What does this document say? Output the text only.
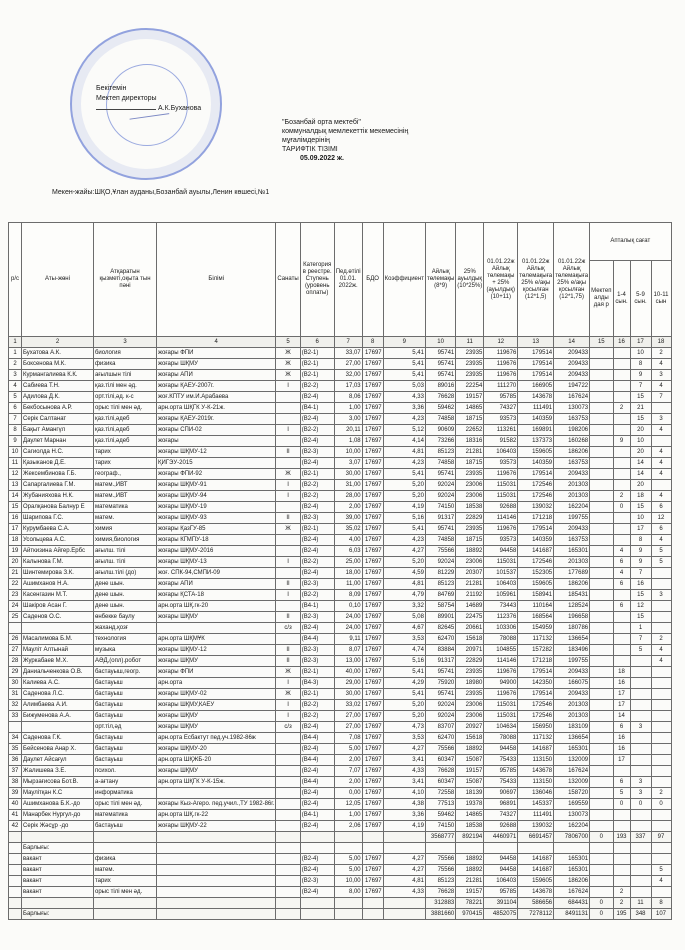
Бекітемін
Мектеп директоры
А.К.Буханова
"Бозанбай орта мектебі"
коммуналдық мемлекеттік мекемесінің
мұғалімдерінің
ТАРИФТІК ТІЗІМІ
05.09.2022 ж.
Мекен-жайы:ШҚО,Ұлан ауданы,Бозанбай ауылы,Ленин көшесі,№1
р/с	Аты-жөні	Атқаратын қызметі,оқыта тын пәні	Білімі	Санаты	Категория в реестре. Ступень (уровень оплаты)	Пед.өтілі 01.01. 2022ж.	БДО	Коэффициент	Айлық төлемақы (8*9)	25% ауылдық (10*25%)	01.01.22ж Айлық төлемақы + 25%(ауылдық) (10+11)	01.01.22ж Айлық төлемақыға 25% е/ақы қосылған (12*1,5)	01.01.22ж Айлық төлемақыға 25% е/ақы қосылған (12*1,75)	Апталық сағат			
														Мектеп алды дая р	1-4 сын.	5-9 сын.	10-11 сын
1	2	3	4	5	6	7	8	9	10	11	12	13	14	15	16	17	18
1	Бухатова А.К.	биология	жоғары ФПИ	Ж	(В2-1)	33,07	17697	5,41	95741	23935	119676	179514	209433			10	2
2	Боксенова М.К.	физика	жоғары ШҚМУ	Ж	(В2-1)	27,00	17697	5,41	95741	23935	119676	179514	209433			8	4
3	Курмангалиева К.К.	ағылшын тілі	жоғары АПИ	Ж	(В2-1)	32,00	17697	5,41	95741	23935	119676	179514	209433			9	3
4	Сабиева Т.Н.	қаз.тілі мен әд.	жоғары ҚАЕУ-2007г.	І	(В2-2)	17,03	17697	5,03	89016	22254	111270	166905	194722			7	4
5	Адилова Д.К.	орт.тілі,әд. к-с	жоғ.КПТУ им.И.Арабаева		(В2-4)	8,06	17697	4,33	76628	19157	95785	143678	167624			15	7
6	Бекбосынова А.Р.	орыс тілі мен әд.	арн.орта ШҚГК У-К-21ж.		(В4-1)	1,00	17697	3,36	59462	14865	74327	111491	130073		2	21	
7	Серік Салтанат	қаз.тілі,әдеб	жоғары ҚАЕУ-2019г.		(В2-4)	3,00	17697	4,23	74858	18715	93573	140359	163753			15	3
8	Бақыт Амангүл	қаз.тілі,әдеб	жоғары СПИ-02	І	(В2-2)	20,11	17697	5,12	90609	22652	113261	169891	198206			20	4
9	Даулет Марнан	қаз.тілі,әдеб	жоғары		(В2-4)	1,08	17697	4,14	73266	18316	91582	137373	160268		9	10	
10	Сагиолда Н.С.	тарих	жоғары ШҚМУ-12	ІІ	(В2-3)	10,00	17697	4,81	85123	21281	106403	159605	186206			20	4
11	Қазыканов Д.Е.	тарих	ҚИГЭУ-2015		(В2-4)	3,07	17697	4,23	74858	18715	93573	140359	163753			14	4
12	Жексембинова Г.Б.	географ.,	жоғары ФПИ-92	Ж	(В2-1)	30,00	17697	5,41	95741	23935	119676	179514	209433			14	4
13	Сапаргалиева Г.М.	матем.,ИВТ	жоғары ШҚМУ-91	І	(В2-2)	31,00	17697	5,20	92024	23006	115031	172546	201303			20	
14	Жубанияхова Н.К.	матем.,ИВТ	жоғары ШҚМУ-94	І	(В2-2)	28,00	17697	5,20	92024	23006	115031	172546	201303		2	18	4
15	Оралқанова Балнур Е	математика	жоғары ШҚМУ-19		(В2-4)	2,00	17697	4,19	74150	18538	92688	139032	162204		0	15	6
16	Шарипова Г.С.	матем.	жоғары ШҚМУ-93	ІІ	(В2-3)	39,00	17697	5,16	91317	22829	114146	171218	199755			10	12
17	Курумбаева С.А.	химия	жоғары ҚазГУ-85	Ж	(В2-1)	35,02	17697	5,41	95741	23935	119676	179514	209433			17	6
18	Усольцева А.С.	химия,биология	жоғары КГМПУ-18		(В2-4)	4,00	17697	4,23	74858	18715	93573	140359	163753			8	4
19	Айткизина Айгер.Ербс	ағылш. тілі	жоғары ШҚМУ-2016		(В2-4)	6,03	17697	4,27	75566	18892	94458	141687	165301		4	9	5
20	Калынова Г.М.	ағылш. тілі	жоғары ШҚМУ-13	І	(В2-2)	25,00	17697	5,20	92024	23006	115031	172546	201303		6	9	5
21	Шинтемирова З.К.	ағылш.тілі (до)	жоғ. СПК-94,СМПИ-09		(В2-4)	18,00	17697	4,59	81229	20307	101537	152305	177689		4	7	
22	Ашимханов Н.А.	дене шын.	жоғары АПИ	ІІ	(В2-3)	11,00	17697	4,81	85123	21281	106403	159605	186206		6	16	
23	Касенгазин М.Т.	дене шын.	жоғары ҚСТА-18	І	(В2-2)	8,09	17697	4,79	84769	21192	105961	158941	185431			15	3
24	Шакіров Асан Г.	дене шын.	арн.орта ШҚ.гк-20		(В4-1)	0,10	17697	3,32	58754	14689	73443	110164	128524		6	12	
25	Саденов О.С.	өнбекке баулу	жоғары ШҚМУ	ІІ	(В2-3)	24,00	17697	5,08	89901	22475	112376	168564	196658			15	
		жаханд.қозғ		с/з	(В2-4)	24,00	17697	4,67	82645	20661	103306	154959	180786			1	
26	Масалимова Б.М.	технология	арн.орта ШҚМҰК		(В4-4)	9,11	17697	3,53	62470	15618	78088	117132	136654			7	2
27	Маулiт Алтынай	музыка	жоғары ШҚМУ-12	ІІ	(В2-3)	8,07	17697	4,74	83884	20971	104855	157282	183496			5	4
28	Журкабаев М.Х.	АӘД,(опл).робот	жоғары ШҚМУ	ІІ	(В2-3)	13,00	17697	5,16	91317	22829	114146	171218	199755				4
29	Даниальченкова О.В.	бастауыш,геогр.	жоғары ФПИ	Ж	(В2-1)	40,00	17697	5,41	95741	23935	119676	179514	209433		18		
30	Калиева А.С.	бастауыш	арн.орта	І	(В4-3)	29,00	17697	4,29	75920	18980	94900	142350	166075		16		
31	Саденова Л.С.	бастауыш	жоғары ШҚМУ-02	Ж	(В2-1)	30,00	17697	5,41	95741	23935	119676	179514	209433		17		
32	Алимбаева А.И.	бастауыш	жоғары ШҚМУ,КАЕУ	І	(В2-2)	33,02	17697	5,20	92024	23006	115031	172546	201303		17		
33	Бижуменова А.А.	бастауыш	жоғары ШҚМУ	І	(В2-2)	27,00	17697	5,20	92024	23006	115031	172546	201303		14		
		орт.тіл,әд	жоғары ШҚМУ	с/з	(В2-4)	27,00	17697	4,73	83707	20927	104634	156950	183109		6	3	
34	Саденова Г.К.	бастауыш	арн.орта Есбактут пед.уч.1982-86ж		(В4-4)	7,08	17697	3,53	62470	15618	78088	117132	136654		16		
35	Бейсенова Анар Х.	бастауыш	жоғары ШҚМУ-20		(В2-4)	5,00	17697	4,27	75566	18892	94458	141687	165301		16		
36	Даулет Айсағул	бастауыш	арн.орта ШҚЖБ-20		(В4-4)	2,00	17697	3,41	60347	15087	75433	113150	132009		17		
37	Жалишева З.Е.	психол.	жоғары ШҚМУ		(В2-4)	7,07	17697	4,33	76628	19157	95785	143678	167624				
38	Мырзағисова Бот.В.	а-ағтану	арн.орта ШҚГК У-К-15ж.		(В4-4)	2,00	17697	3,41	60347	15087	75433	113150	132009		6	3	
39	Маулітқан К.С	информатика			(В2-4)	0,00	17697	4,10	72558	18139	90697	136046	158720		5	3	2
40	Ашимханова Б.К.-до	орыс тілі мен әд.	жоғары Кыз-Агеро. пед.учил.,ТУ 1982-86г.		(В2-4)	12,05	17697	4,38	77513	19378	96891	145337	169559		0	0	0
41	Манарбек Нургул-до	математика	арн.орта ШҚ.гк-22		(В4-1)	1,00	17697	3,36	59462	14865	74327	111491	130073				
42	Серік Жәсұр -до	бастауыш	жоғары ШҚМУ-22		(В2-4)	2,06	17697	4,19	74150	18538	92688	139032	162204				
									3568777	892194	4460971	6691457	7806700	0	193	337	97
	Барлығы:																
	вакант	физика			(В2-4)	5,00	17697	4,27	75566	18892	94458	141687	165301				
	вакант	матем.			(В2-4)	5,00	17697	4,27	75566	18892	94458	141687	165301				5
	вакант	тарих			(В2-3)	10,00	17697	4,81	85123	21281	106403	159605	186206				4
	вакант	орыс тілі мен әд.			(В2-4)	8,00	17697	4,33	76628	19157	95785	143678	167624		2		
									312883	78221	391104	586656	684431	0	2	11	8
	Барлығы:								3881660	970415	4852075	7278112	8491131	0	195	348	107
